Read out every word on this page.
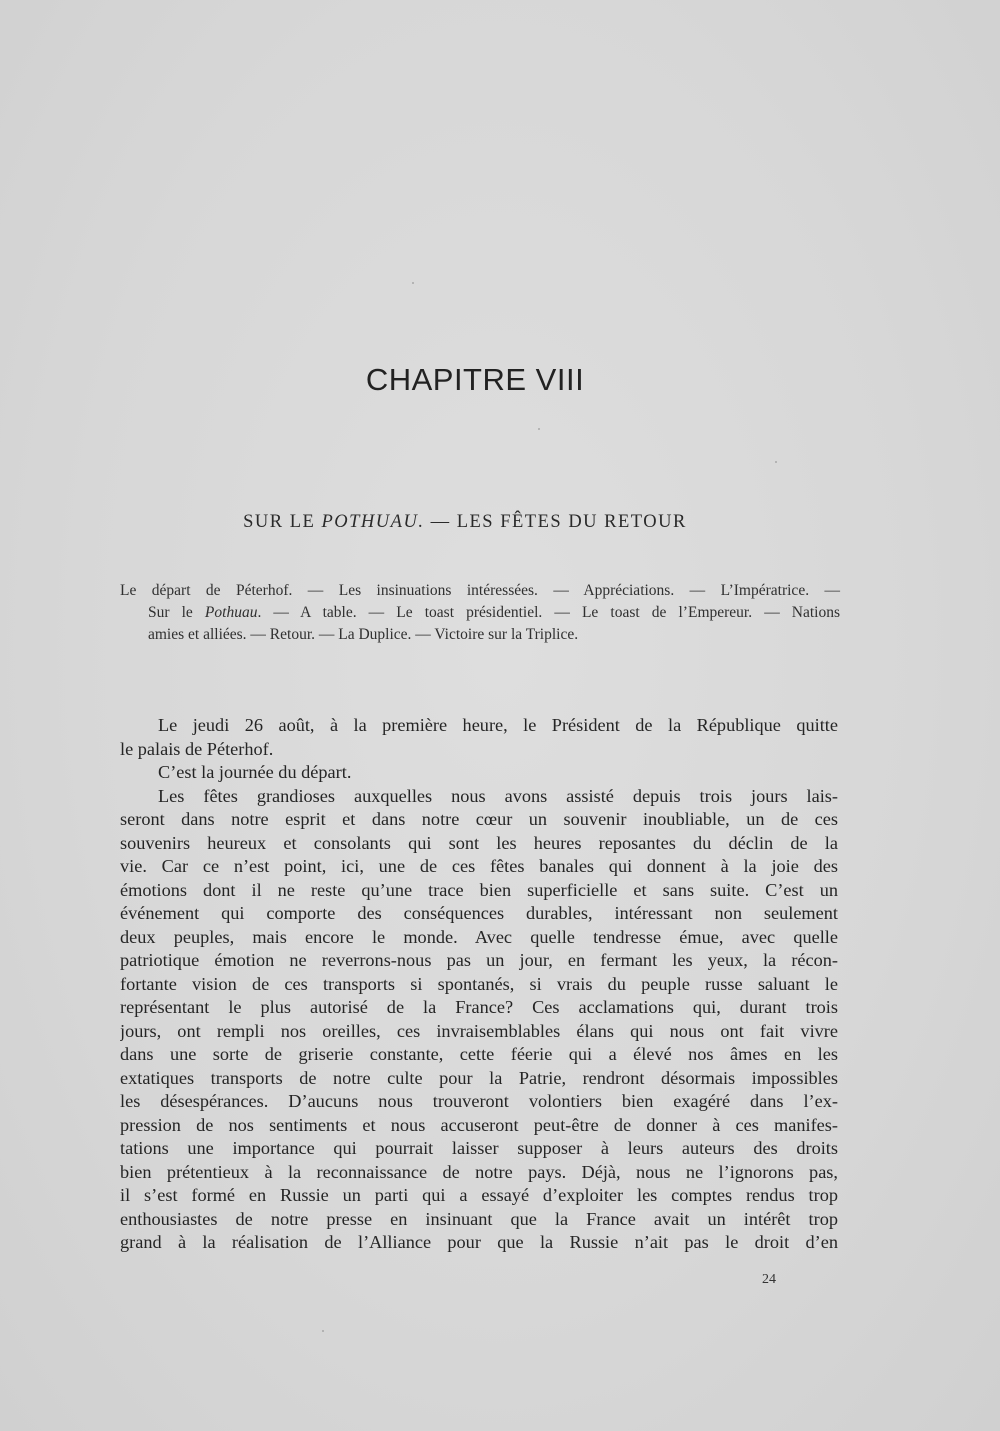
CHAPITRE VIII
SUR LE POTHUAU. — LES FÊTES DU RETOUR
Le départ de Péterhof. — Les insinuations intéressées. — Appréciations. — L’Impératrice. —
Sur le Pothuau. — A table. — Le toast présidentiel. — Le toast de l’Empereur. — Nations
amies et alliées. — Retour. — La Duplice. — Victoire sur la Triplice.
Le jeudi 26 août, à la première heure, le Président de la République quitte
le palais de Péterhof.
C’est la journée du départ.
Les fêtes grandioses auxquelles nous avons assisté depuis trois jours lais-
seront dans notre esprit et dans notre cœur un souvenir inoubliable, un de ces
souvenirs heureux et consolants qui sont les heures reposantes du déclin de la
vie. Car ce n’est point, ici, une de ces fêtes banales qui donnent à la joie des
émotions dont il ne reste qu’une trace bien superficielle et sans suite. C’est un
événement qui comporte des conséquences durables, intéressant non seulement
deux peuples, mais encore le monde. Avec quelle tendresse émue, avec quelle
patriotique émotion ne reverrons-nous pas un jour, en fermant les yeux, la récon-
fortante vision de ces transports si spontanés, si vrais du peuple russe saluant le
représentant le plus autorisé de la France? Ces acclamations qui, durant trois
jours, ont rempli nos oreilles, ces invraisemblables élans qui nous ont fait vivre
dans une sorte de griserie constante, cette féerie qui a élevé nos âmes en les
extatiques transports de notre culte pour la Patrie, rendront désormais impossibles
les désespérances. D’aucuns nous trouveront volontiers bien exagéré dans l’ex-
pression de nos sentiments et nous accuseront peut-être de donner à ces manifes-
tations une importance qui pourrait laisser supposer à leurs auteurs des droits
bien prétentieux à la reconnaissance de notre pays. Déjà, nous ne l’ignorons pas,
il s’est formé en Russie un parti qui a essayé d’exploiter les comptes rendus trop
enthousiastes de notre presse en insinuant que la France avait un intérêt trop
grand à la réalisation de l’Alliance pour que la Russie n’ait pas le droit d’en
24
